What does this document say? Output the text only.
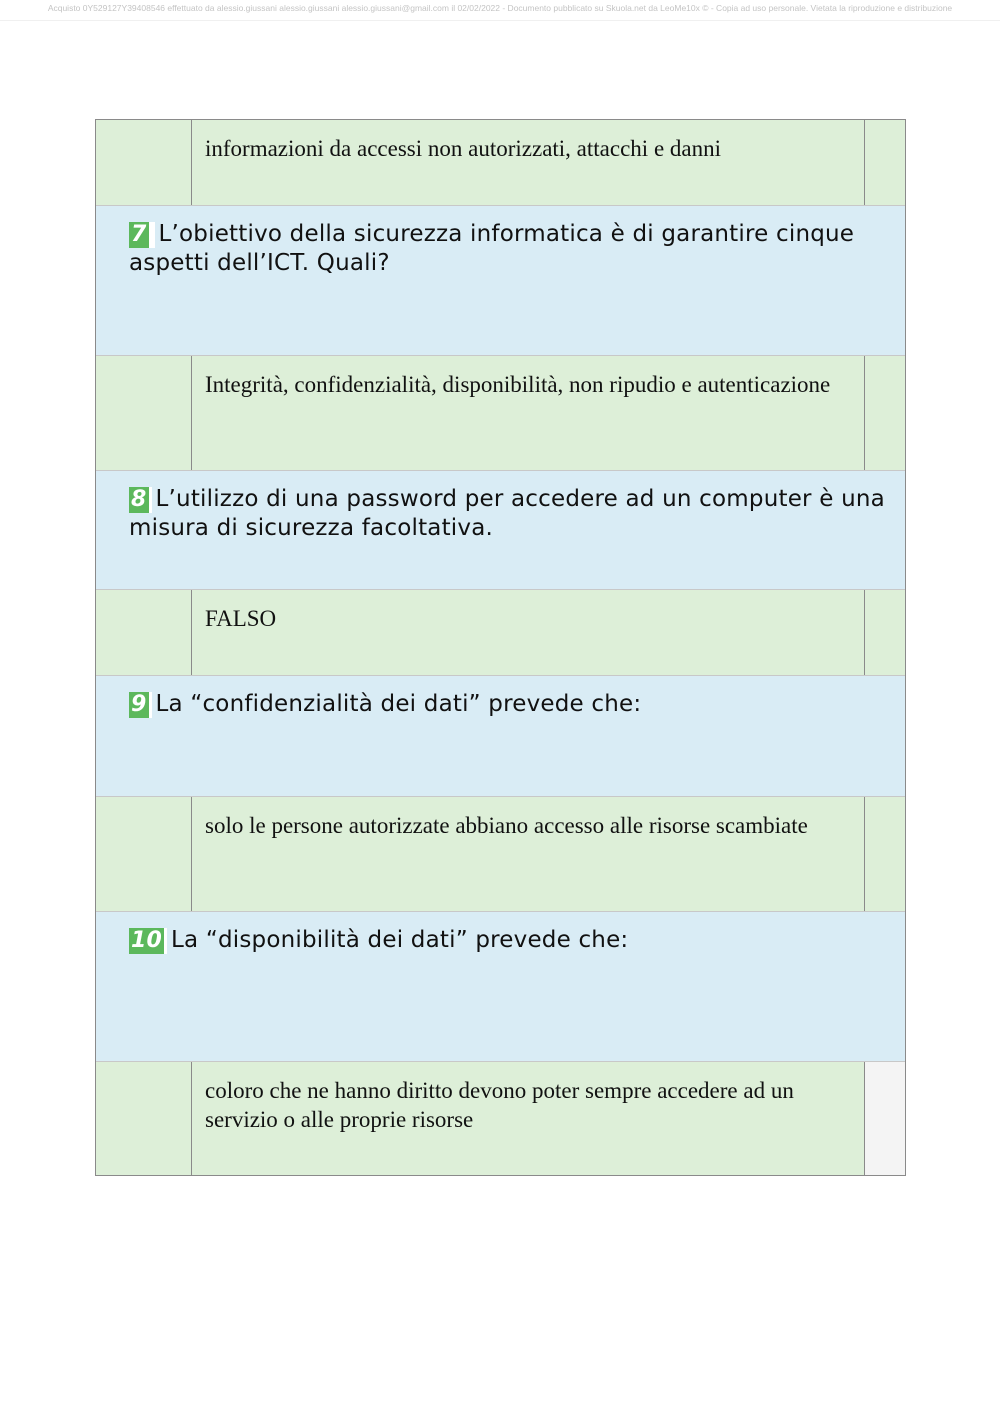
Acquisto 0Y529127Y39408546 effettuato da alessio.giussani alessio.giussani alessio.giussani@gmail.com il 02/02/2022 - Documento pubblicato su Skuola.net da LeoMe10x © - Copia ad uso personale. Vietata la riproduzione e distribuzione
informazioni da accessi non autorizzati, attacchi e danni
7 L’obiettivo della sicurezza informatica è di garantire cinque aspetti dell’ICT. Quali?
Integrità, confidenzialità, disponibilità, non ripudio e autenticazione
8 L’utilizzo di una password per accedere ad un computer è una misura di sicurezza facoltativa.
FALSO
9 La “confidenzialità dei dati” prevede che:
solo le persone autorizzate abbiano accesso alle risorse scambiate
10 La “disponibilità dei dati” prevede che:
coloro che ne hanno diritto devono poter sempre accedere ad un servizio o alle proprie risorse
